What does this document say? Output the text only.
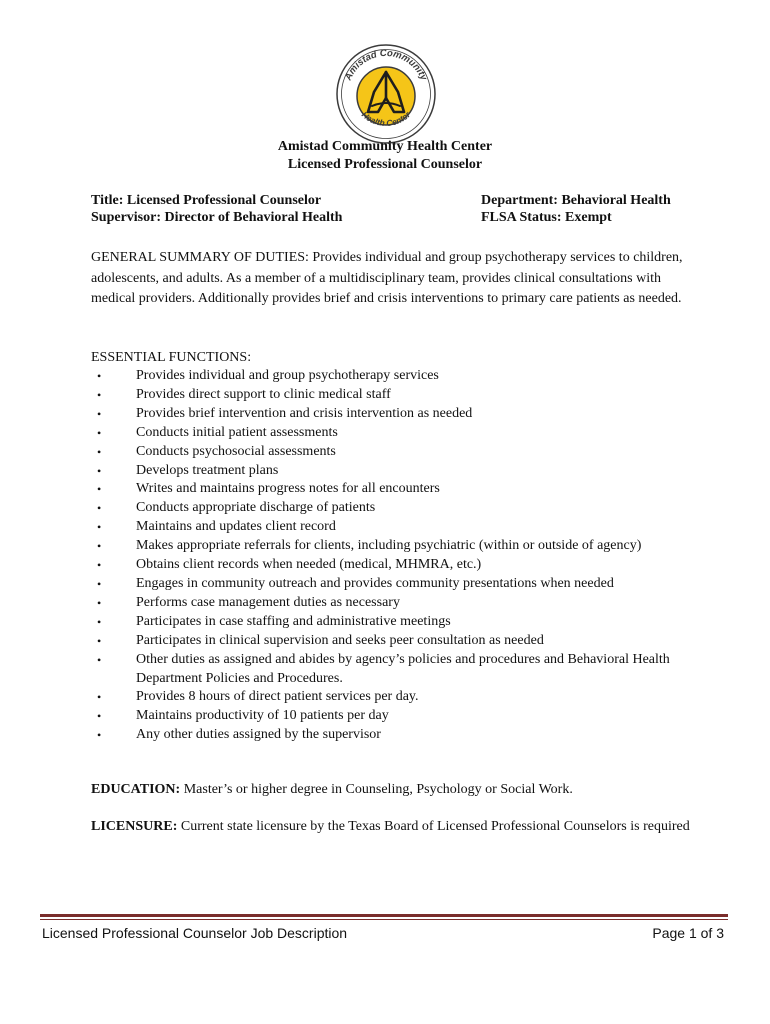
Amistad Community
Health Center
Amistad Community Health Center
Licensed Professional Counselor
Title: Licensed Professional Counselor
Supervisor: Director of Behavioral Health
Department: Behavioral Health
FLSA Status: Exempt
GENERAL SUMMARY OF DUTIES: Provides individual and group psychotherapy services to children, adolescents, and adults. As a member of a multidisciplinary team, provides clinical consultations with medical providers. Additionally provides brief and crisis interventions to primary care patients as needed.
ESSENTIAL FUNCTIONS:
• Provides individual and group psychotherapy services
• Provides direct support to clinic medical staff
• Provides brief intervention and crisis intervention as needed
• Conducts initial patient assessments
• Conducts psychosocial assessments
• Develops treatment plans
• Writes and maintains progress notes for all encounters
• Conducts appropriate discharge of patients
• Maintains and updates client record
• Makes appropriate referrals for clients, including psychiatric (within or outside of agency)
• Obtains client records when needed (medical, MHMRA, etc.)
• Engages in community outreach and provides community presentations when needed
• Performs case management duties as necessary
• Participates in case staffing and administrative meetings
• Participates in clinical supervision and seeks peer consultation as needed
• Other duties as assigned and abides by agency’s policies and procedures and Behavioral Health Department Policies and Procedures.
• Provides 8 hours of direct patient services per day.
• Maintains productivity of 10 patients per day
• Any other duties assigned by the supervisor
EDUCATION: Master’s or higher degree in Counseling, Psychology or Social Work.
LICENSURE: Current state licensure by the Texas Board of Licensed Professional Counselors is required
Licensed Professional Counselor Job Description	Page 1 of 3
